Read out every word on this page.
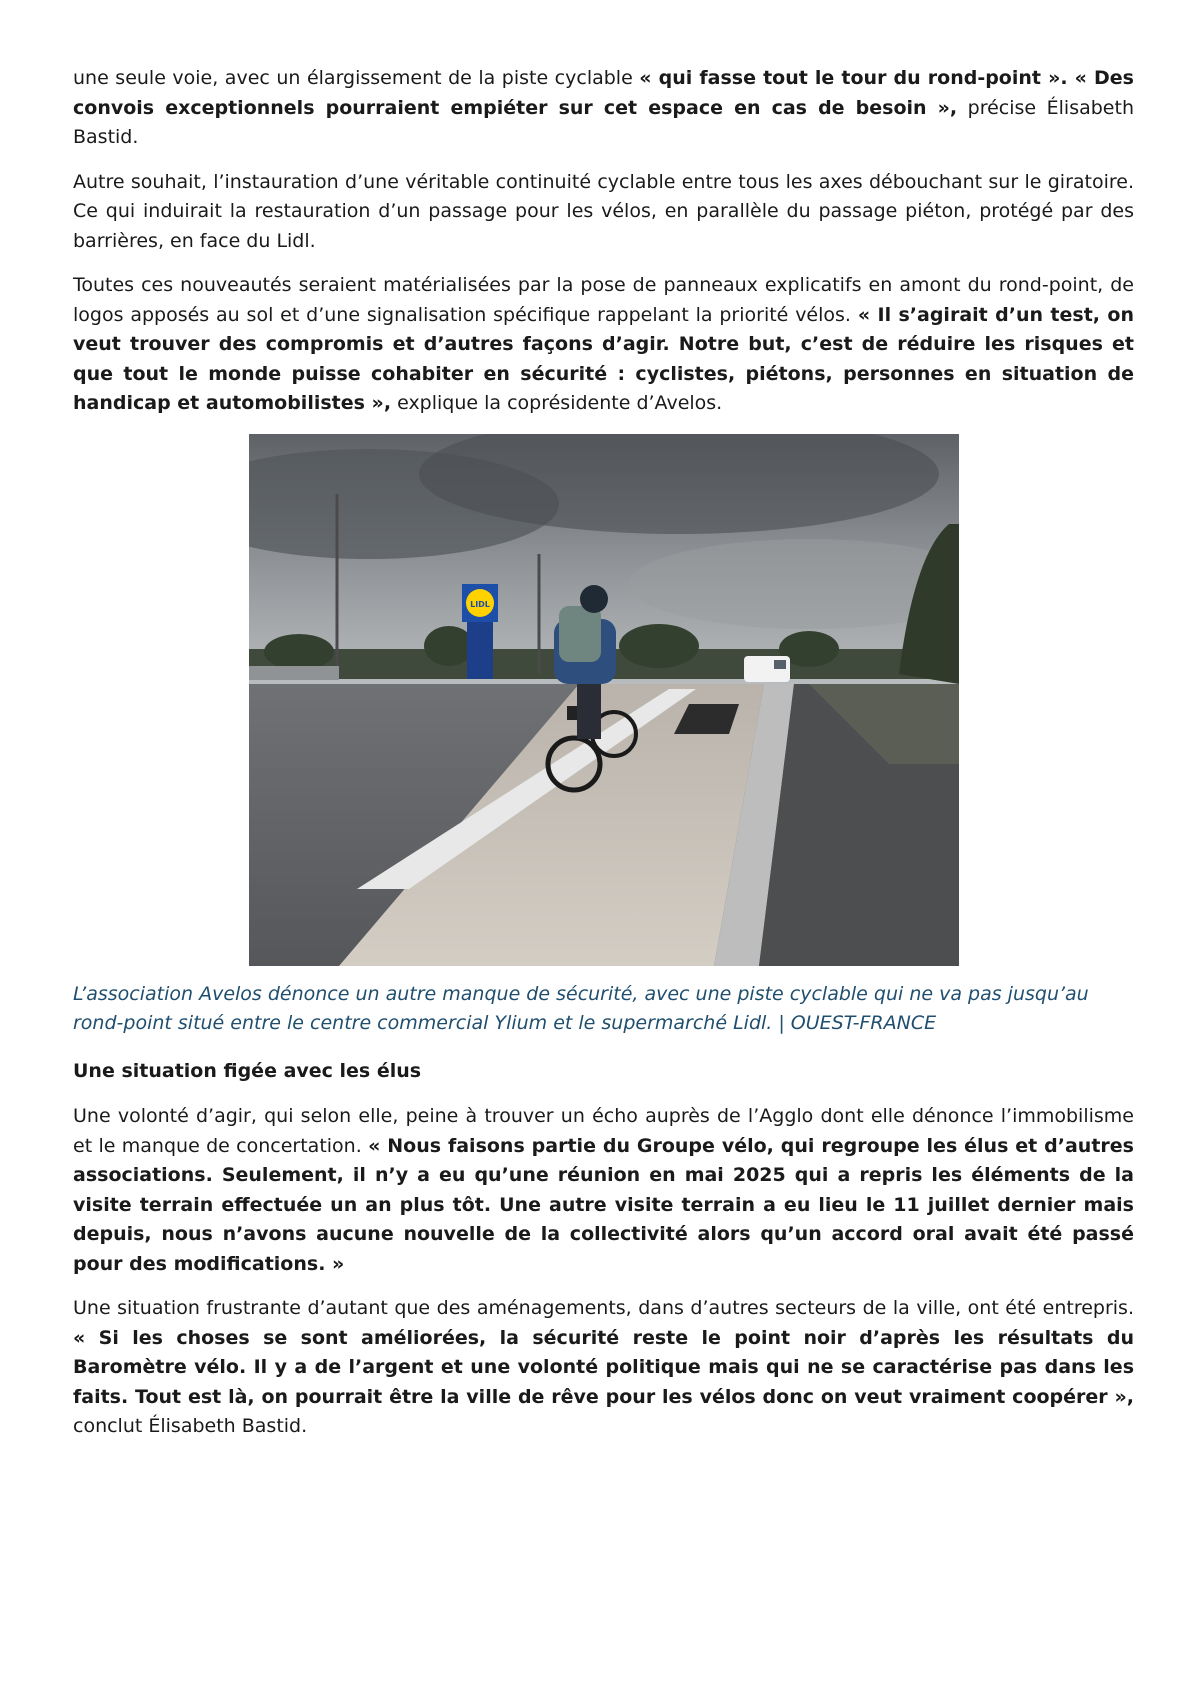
une seule voie, avec un élargissement de la piste cyclable « qui fasse tout le tour du rond-point ». « Des convois exceptionnels pourraient empiéter sur cet espace en cas de besoin », précise Élisabeth Bastid.

Autre souhait, l’instauration d’une véritable continuité cyclable entre tous les axes débouchant sur le giratoire. Ce qui induirait la restauration d’un passage pour les vélos, en parallèle du passage piéton, protégé par des barrières, en face du Lidl.

Toutes ces nouveautés seraient matérialisées par la pose de panneaux explicatifs en amont du rond-point, de logos apposés au sol et d’une signalisation spécifique rappelant la priorité vélos. « Il s’agirait d’un test, on veut trouver des compromis et d’autres façons d’agir. Notre but, c’est de réduire les risques et que tout le monde puisse cohabiter en sécurité : cyclistes, piétons, personnes en situation de handicap et automobilistes », explique la coprésidente d’Avelos.

LIDL

L’association Avelos dénonce un autre manque de sécurité, avec une piste cyclable qui ne va pas jusqu’au rond-point situé entre le centre commercial Ylium et le supermarché Lidl. | OUEST-FRANCE

Une situation figée avec les élus

Une volonté d’agir, qui selon elle, peine à trouver un écho auprès de l’Agglo dont elle dénonce l’immobilisme et le manque de concertation. « Nous faisons partie du Groupe vélo, qui regroupe les élus et d’autres associations. Seulement, il n’y a eu qu’une réunion en mai 2025 qui a repris les éléments de la visite terrain effectuée un an plus tôt. Une autre visite terrain a eu lieu le 11 juillet dernier mais depuis, nous n’avons aucune nouvelle de la collectivité alors qu’un accord oral avait été passé pour des modifications. »

Une situation frustrante d’autant que des aménagements, dans d’autres secteurs de la ville, ont été entrepris. « Si les choses se sont améliorées, la sécurité reste le point noir d’après les résultats du Baromètre vélo. Il y a de l’argent et une volonté politique mais qui ne se caractérise pas dans les faits. Tout est là, on pourrait être la ville de rêve pour les vélos donc on veut vraiment coopérer », conclut Élisabeth Bastid.
